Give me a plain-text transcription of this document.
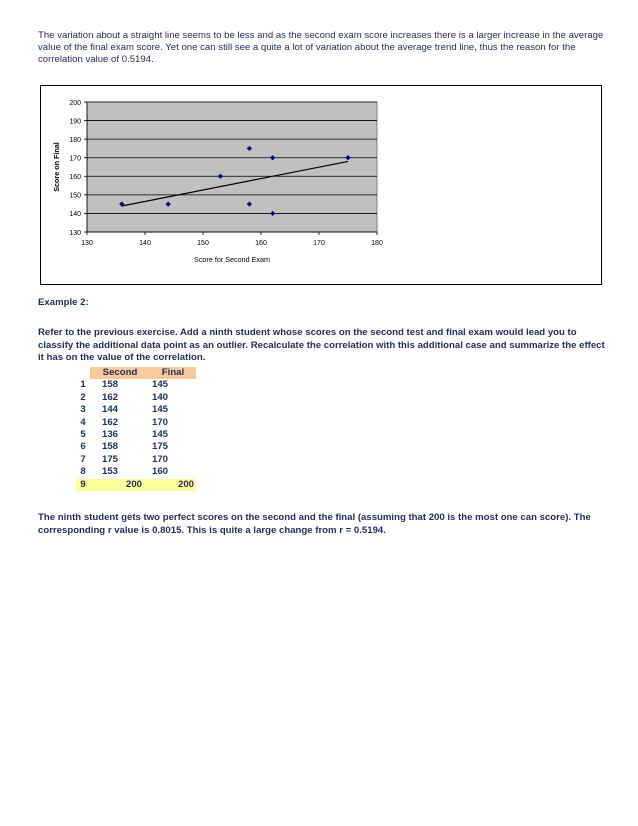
The variation about a straight line seems to be less and as the second exam score increases there is a larger increase in the average value of the final exam score. Yet one can still see a quite a lot of variation about the average trend line, thus the reason for the correlation value of 0.5194.

130
140
150
160
170
180
190
200
130	140	150	160	170	180
Score for Second Exam
Score on Final

Example 2:

Refer to the previous exercise. Add a ninth student whose scores on the second test and final exam would lead you to classify the additional data point as an outlier. Recalculate the correlation with this additional case and summarize the effect it has on the value of the correlation.

	Second	Final
1	158	145
2	162	140
3	144	145
4	162	170
5	136	145
6	158	175
7	175	170
8	153	160
9	200	200

The ninth student gets two perfect scores on the second and the final (assuming that 200 is the most one can score). The corresponding r value is 0.8015. This is quite a large change from r = 0.5194.
